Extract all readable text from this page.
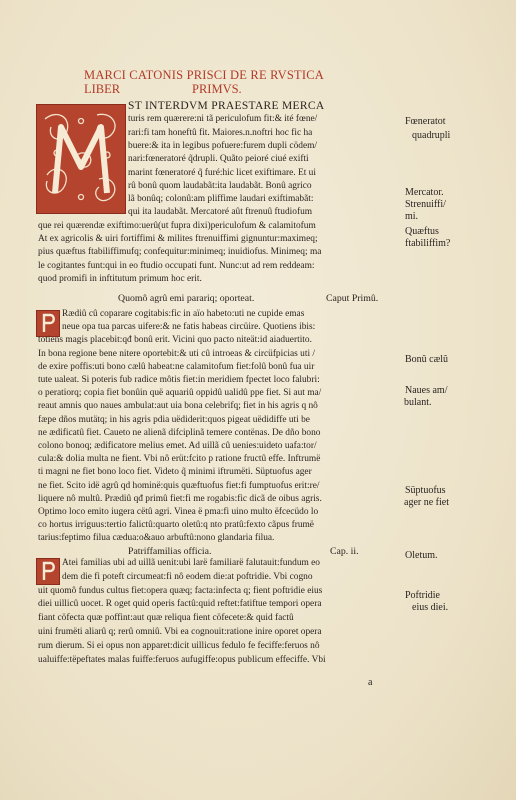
MARCI CATONIS PRISCI DE RE RVSTICA
LIBER	PRIMVS.
ST INTERDVM PRAESTARE MERCA
turis rem quærere:ni tã periculofum fit:& ité fœne/
rari:fi tam honeftû fit. Maiores.n.noftri hoc fic ha
buere:& ita in legibus pofuere:furem dupli cödem/
nari:fœneratoré q̃drupli. Quãto peioré ciué exifti
marint fœneratoré q̃ furé:hic licet exiftimare. Et ui
rû bonû quom laudabãt:ita laudabãt. Bonû agrico
lã bonûq; colonû:am pliffime laudari exiftimabãt:
qui ita laudabãt. Mercatoré aût ftrenuû ftudiofum
que rei quærendæ exiftimo:uerû(ut fupra dixi)periculofum & calamitofum
At ex agricolis & uiri fortiffimi & milites ftrenuiffimi gignuntur:maximeq;
pius quæftus ftabiliffimufq; confequitur:minimeq; inuidiofus. Minimeq; ma
le cogitantes funt:qui in eo ftudio occupati funt. Nunc:ut ad rem reddeam:
quod promifi in inftitutum primum hoc erit.
Quomô agrû emi parariq; oporteat.	Caput Primû.
Rædiû cû coparare cogitabis:fic in aïo habeto:uti ne cupide emas
neue opa tua parcas uifere:& ne fatis habeas circüire. Quotiens ibis:
totiens magis placebit:qđ bonû erit. Vicini quo pacto niteät:id aiaduertito.
In bona regione bene nitere oportebit:& uti cû introeas & circüfpicias uti /
de exire poffis:uti bono cælû habeat:ne calamitofum fiet:folû bonû fua uir
tute ualeat. Si poteris fub radice môtis fiet:in meridiem fpectet loco falubri:
o peratiorq; copia fiet bonûin quë aquariû oppidû ualidû ppe fiet. Si aut ma/
reaut amnis quo naues ambulat:aut uia bona celebrifq; fiet in his agris q nô
fæpe dños mutätq; in his agris pdia uëdiderit:quos pigeat uëdidiffe uti be
ne ædificatû fiet. Caueto ne alienã difciplinã temere contënas. De dño bono
colono bonoq; ædificatore melius emet. Ad uillã cû uenies:uideto uafa:tor/
cula:& dolia multa ne fient. Vbi nô erüt:fcito p ratione fructû effe. Inftrumë
ti magni ne fiet bono loco fiet. Videto q̃ minimi iftrumëti. Süptuofus ager
ne fiet. Scito idë agrû qd hominë:quis quæftuofus fiet:fi fumptuofus erit:re/
liquere nô multû. Prædiû qđ primû fiet:fi me rogabis:fic dicã de oibus agris.
Optimo loco emito iugera cëtû agri. Vinea ë pma:fi uino multo ëfcecüdo lo
co hortus irriguus:tertio falictû:quarto oletû:q nto pratû:fexto cãpus frumë
tarius:feptimo filua cædua:o&auo arbuftû:nono glandaria filua.
Patriffamilias officia.	Cap. ii.
Atei familias ubi ad uillã uenit:ubi larë familiarë falutauit:fundum eo
dem die fi poteft circumeat:fi nô eodem die:at poftridie. Vbi cogno
uit quomô fundus cultus fiet:opera quæq; facta:infecta q; fient poftridie eius
diei uillicû uocet. R oget quid operis factû:quid reftet:fatiftue tempori opera
fiant cöfecta quæ poffint:aut quæ reliqua fient cöfecete:& quid factû
uini frumëti aliarû q; rerû omniû. Vbi ea cognouit:ratione inire oporet opera
rum dierum. Si ei opus non apparet:dicit uillicus fedulo fe feciffe:feruos nô
ualuiffe:tëpeftates malas fuiffe:feruos aufugiffe:opus publicum effeciffe. Vbi
Fœneratot
quadrupli
Mercator.
Strenuiffi/
mi.
Quæftus
ftabiliffim?
Bonû cælû
Naues am/
bulant.
Süptuofus
ager ne fiet
Oletum.
Poftridie
eius diei.
a
